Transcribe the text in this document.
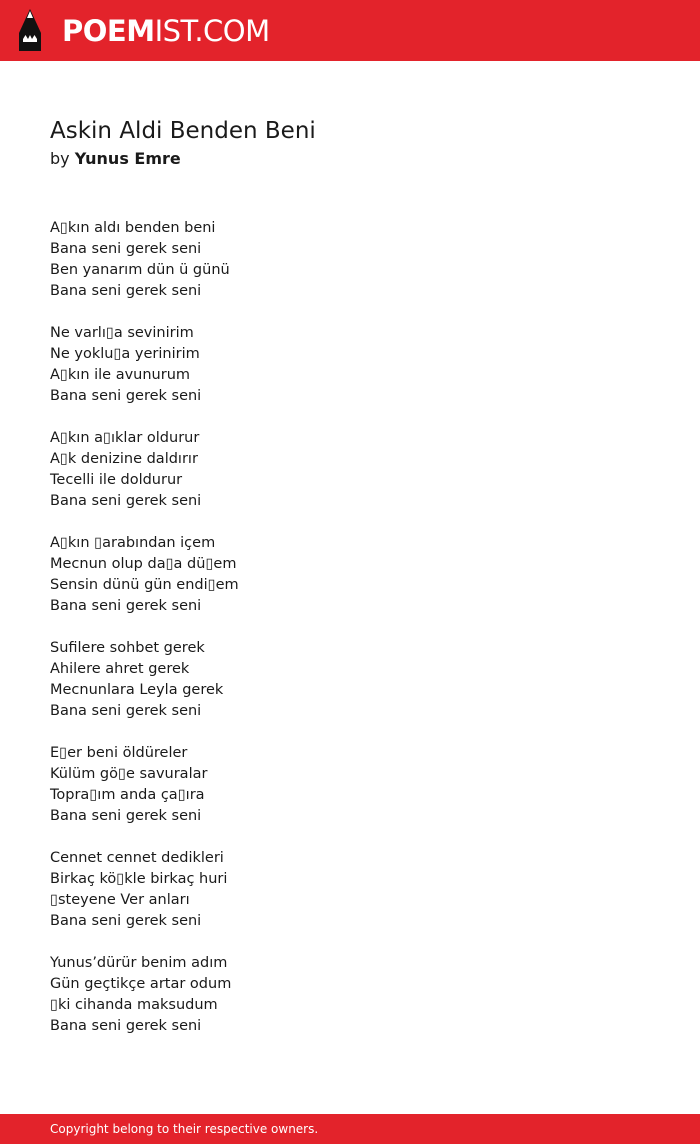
POEMIST.COM
Askin Aldi Benden Beni
by Yunus Emre
A▯kın aldı benden beni
Bana seni gerek seni
Ben yanarım dün ü günü
Bana seni gerek seni
Ne varlı▯a sevinirim
Ne yoklu▯a yerinirim
A▯kın ile avunurum
Bana seni gerek seni
A▯kın a▯ıklar oldurur
A▯k denizine daldırır
Tecelli ile doldurur
Bana seni gerek seni
A▯kın ▯arabından içem
Mecnun olup da▯a dü▯em
Sensin dünü gün endi▯em
Bana seni gerek seni
Sufilere sohbet gerek
Ahilere ahret gerek
Mecnunlara Leyla gerek
Bana seni gerek seni
E▯er beni öldüreler
Külüm gö▯e savuralar
Topra▯ım anda ça▯ıra
Bana seni gerek seni
Cennet cennet dedikleri
Birkaç kö▯kle birkaç huri
▯steyene Ver anları
Bana seni gerek seni
Yunus’dürür benim adım
Gün geçtikçe artar odum
▯ki cihanda maksudum
Bana seni gerek seni
Copyright belong to their respective owners.
